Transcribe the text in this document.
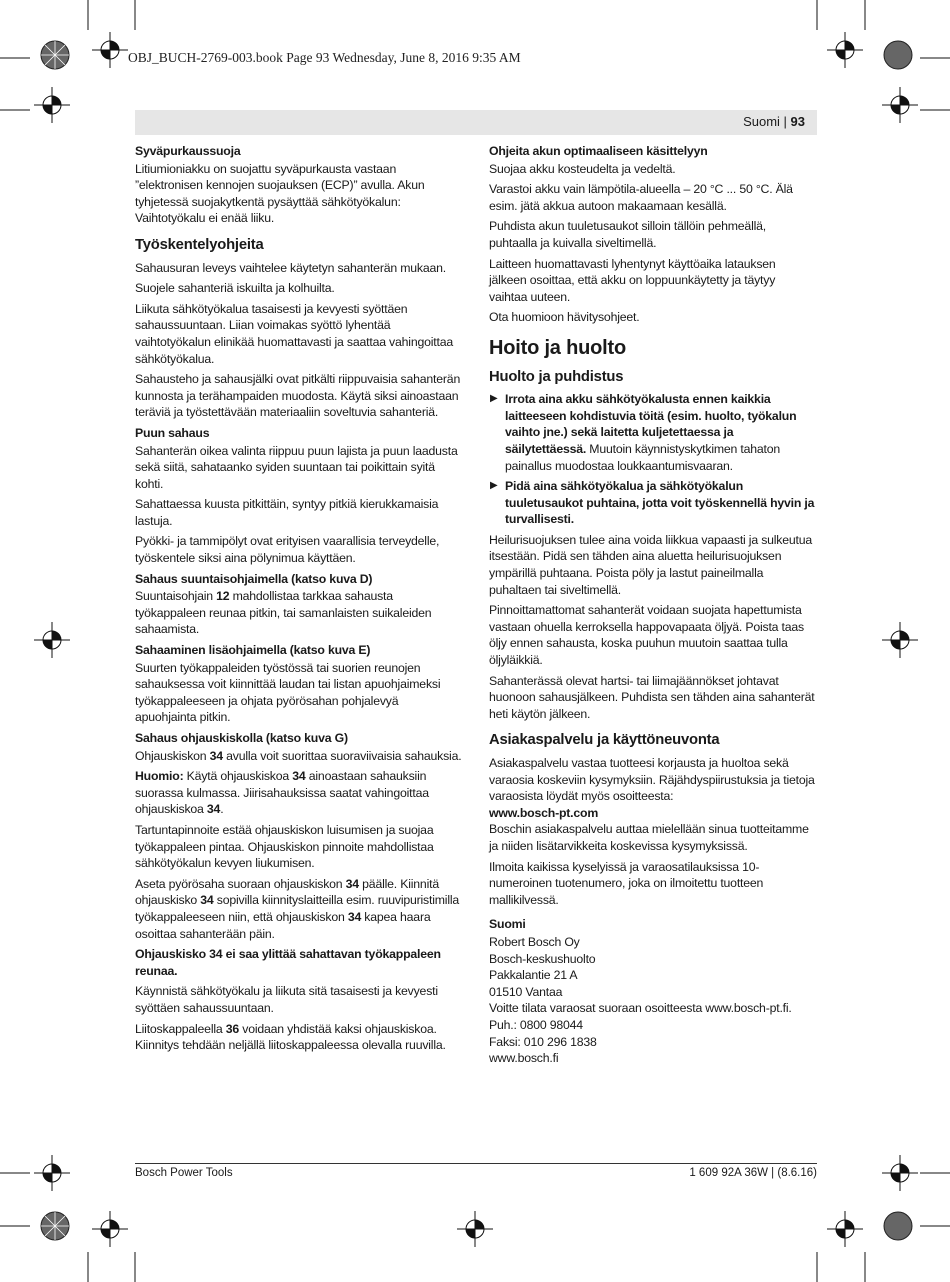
OBJ_BUCH-2769-003.book Page 93 Wednesday, June 8, 2016 9:35 AM
Suomi | 93
Syväpurkaussuoja

Litiumioniakku on suojattu syväpurkausta vastaan ”elektronisen kennojen suojauksen (ECP)” avulla. Akun tyhjetessä suojakytkentä pysäyttää sähkötyökalun: Vaihtotyökalu ei enää liiku.

Työskentelyohjeita

Sahausuran leveys vaihtelee käytetyn sahanterän mukaan.

Suojele sahanteriä iskuilta ja kolhuilta.

Liikuta sähkötyökalua tasaisesti ja kevyesti syöttäen sahaussuuntaan. Liian voimakas syöttö lyhentää vaihtotyökalun elinikää huomattavasti ja saattaa vahingoittaa sähkötyökalua.

Sahausteho ja sahausjälki ovat pitkälti riippuvaisia sahanterän kunnosta ja terähampaiden muodosta. Käytä siksi ainoastaan teräviä ja työstettävään materiaaliin soveltuvia sahanteriä.

Puun sahaus

Sahanterän oikea valinta riippuu puun lajista ja puun laadusta sekä siitä, sahataanko syiden suuntaan tai poikittain syitä kohti.

Sahattaessa kuusta pitkittäin, syntyy pitkiä kierukkamaisia lastuja.

Pyökki- ja tammipölyt ovat erityisen vaarallisia terveydelle, työskentele siksi aina pölynimua käyttäen.

Sahaus suuntaisohjaimella (katso kuva D)

Suuntaisohjain 12 mahdollistaa tarkkaa sahausta työkappaleen reunaa pitkin, tai samanlaisten suikaleiden sahaamista.

Sahaaminen lisäohjaimella (katso kuva E)

Suurten työkappaleiden työstössä tai suorien reunojen sahauksessa voit kiinnittää laudan tai listan apuohjaimeksi työkappaleeseen ja ohjata pyörösahan pohjalevyä apuohjainta pitkin.

Sahaus ohjauskiskolla (katso kuva G)

Ohjauskiskon 34 avulla voit suorittaa suoraviivaisia sahauksia.

Huomio: Käytä ohjauskiskoa 34 ainoastaan sahauksiin suorassa kulmassa. Jiirisahauksissa saatat vahingoittaa ohjauskiskoa 34.

Tartuntapinnoite estää ohjauskiskon luisumisen ja suojaa työkappaleen pintaa. Ohjauskiskon pinnoite mahdollistaa sähkötyökalun kevyen liukumisen.

Aseta pyörösaha suoraan ohjauskiskon 34 päälle. Kiinnitä ohjauskisko 34 sopivilla kiinnityslaitteilla esim. ruuvipuristimilla työkappaleeseen niin, että ohjauskiskon 34 kapea haara osoittaa sahanterään päin.

Ohjauskisko 34 ei saa ylittää sahattavan työkappaleen reunaa.

Käynnistä sähkötyökalu ja liikuta sitä tasaisesti ja kevyesti syöttäen sahaussuuntaan.

Liitoskappaleella 36 voidaan yhdistää kaksi ohjauskiskoa. Kiinnitys tehdään neljällä liitoskappaleessa olevalla ruuvilla.

Ohjeita akun optimaaliseen käsittelyyn

Suojaa akku kosteudelta ja vedeltä.

Varastoi akku vain lämpötila-alueella – 20 °C ... 50 °C. Älä esim. jätä akkua autoon makaamaan kesällä.

Puhdista akun tuuletusaukot silloin tällöin pehmeällä, puhtaalla ja kuivalla siveltimellä.

Laitteen huomattavasti lyhentynyt käyttöaika latauksen jälkeen osoittaa, että akku on loppuunkäytetty ja täytyy vaihtaa uuteen.

Ota huomioon hävitysohjeet.

Hoito ja huolto
Huolto ja puhdistus
▶ Irrota aina akku sähkötyökalusta ennen kaikkia laitteeseen kohdistuvia töitä (esim. huolto, työkalun vaihto jne.) sekä laitetta kuljetettaessa ja säilytettäessä. Muutoin käynnistyskytkimen tahaton painallus muodostaa loukkaantumisvaaran.
▶ Pidä aina sähkötyökalua ja sähkötyökalun tuuletusaukot puhtaina, jotta voit työskennellä hyvin ja turvallisesti.

Heilurisuojuksen tulee aina voida liikkua vapaasti ja sulkeutua itsestään. Pidä sen tähden aina aluetta heilurisuojuksen ympärillä puhtaana. Poista pöly ja lastut paineilmalla puhaltaen tai siveltimellä.

Pinnoittamattomat sahanterät voidaan suojata hapettumista vastaan ohuella kerroksella happovapaata öljyä. Poista taas öljy ennen sahausta, koska puuhun muutoin saattaa tulla öljyläikkiä.

Sahanterässä olevat hartsi- tai liimajäännökset johtavat huonoon sahausjälkeen. Puhdista sen tähden aina sahanterät heti käytön jälkeen.

Asiakaspalvelu ja käyttöneuvonta

Asiakaspalvelu vastaa tuotteesi korjausta ja huoltoa sekä varaosia koskeviin kysymyksiin. Räjähdyspiirustuksia ja tietoja varaosista löydät myös osoitteesta:

www.bosch-pt.com

Boschin asiakaspalvelu auttaa mielellään sinua tuotteitamme ja niiden lisätarvikkeita koskevissa kysymyksissä.

Ilmoita kaikissa kyselyissä ja varaosatilauksissa 10-numeroinen tuotenumero, joka on ilmoitettu tuotteen mallikilvessä.

Suomi
Robert Bosch Oy
Bosch-keskushuolto
Pakkalantie 21 A
01510 Vantaa
Voitte tilata varaosat suoraan osoitteesta www.bosch-pt.fi.
Puh.: 0800 98044
Faksi: 010 296 1838
www.bosch.fi
Bosch Power Tools	1 609 92A 36W | (8.6.16)
